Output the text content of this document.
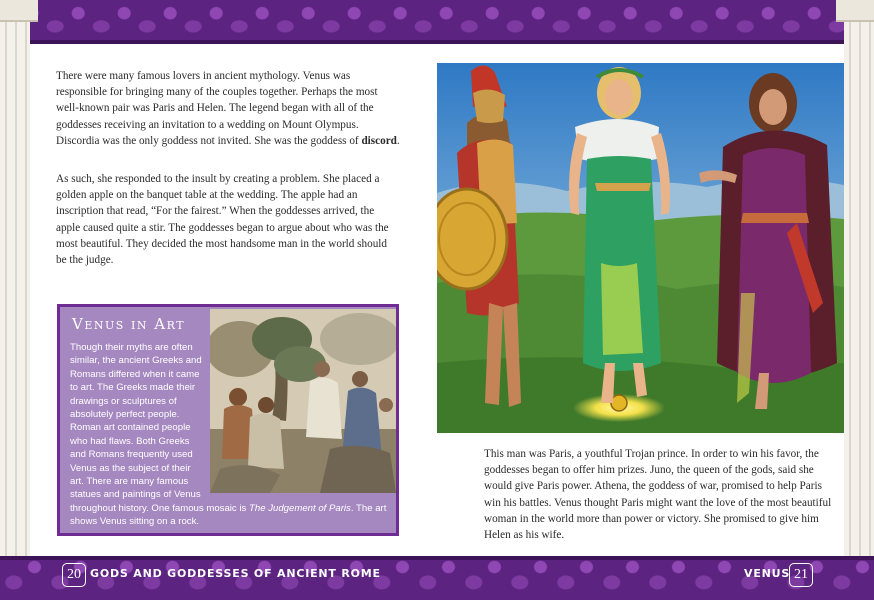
There were many famous lovers in ancient mythology. Venus was responsible for bringing many of the couples together. Perhaps the most well-known pair was Paris and Helen. The legend began with all of the goddesses receiving an invitation to a wedding on Mount Olympus. Discordia was the only goddess not invited. She was the goddess of discord.

As such, she responded to the insult by creating a problem. She placed a golden apple on the banquet table at the wedding. The apple had an inscription that read, “For the fairest.” When the goddesses arrived, the apple caused quite a stir. The goddesses began to argue about who was the most beautiful. They decided the most handsome man in the world should be the judge.

Venus in Art

Though their myths are often similar, the ancient Greeks and Romans differed when it came to art. The Greeks made their drawings or sculptures of absolutely perfect people. Roman art contained people who had flaws. Both Greeks and Romans frequently used Venus as the subject of their art. There are many famous statues and paintings of Venus throughout history. One famous mosaic is The Judgement of Paris. The art shows Venus sitting on a rock.

This man was Paris, a youthful Trojan prince. In order to win his favor, the goddesses began to offer him prizes. Juno, the queen of the gods, said she would give Paris power. Athena, the goddess of war, promised to help Paris win his battles. Venus thought Paris might want the love of the most beautiful woman in the world more than power or victory. She promised to give him Helen as his wife.

20 GODS AND GODDESSES OF ANCIENT ROME	VENUS 21
